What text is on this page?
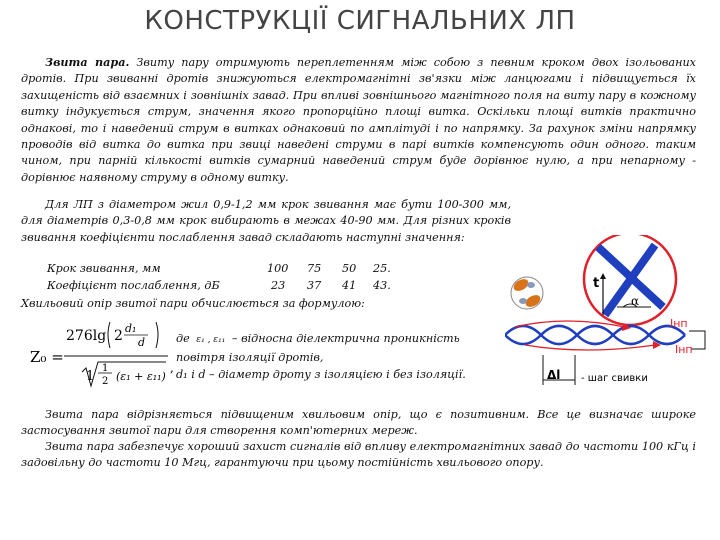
КОНСТРУКЦІЇ СИГНАЛЬНИХ ЛП

Звита пара. Звиту пару отримують переплетенням між собою з певним кроком двох ізольованих дротів. При звиванні дротів знижуються електромагнітні зв'язки між ланцюгами і підвищується їх захищеність від взаємних і зовнішніх завад. При впливі зовнішнього магнітного поля на виту пару в кожному витку індукується струм, значення якого пропорційно площі витка. Оскільки площі витків практично однакові, то і наведений струм в витках однаковий по амплітуді і по напрямку. За рахунок зміни напрямку проводів від витка до витка при звиці наведені струми в парі витків компенсують один одного. таким чином, при парній кількості витків сумарний наведений струм буде дорівнює нулю, а при непарному - дорівнює наявному струму в одному витку.

Для ЛП з діаметром жил 0,9-1,2 мм крок звивання має бути 100-300 мм, для діаметрів 0,3-0,8 мм крок вибирають в межах 40-90 мм. Для різних кроків звивання коефіцієнти послаблення завад складають наступні значення:

Крок звивання, мм	100 75 50 25.
Коефіцієнт послаблення, дБ	23 37 41 43.

Хвильовий опір звитої пари обчислюється за формулою:

Z₀ =
276lg 2 d₁
d
1
1
2 (ε₁ + ε₁₁)
,
де ε₁ , ε₁₁ – відносна діелектрична проникність
повітря ізоляції дротів,
d₁ і d – діаметр дроту з ізоляцією і без ізоляції.
t
α
Iнп
Iнп
Δl - шаг свивки

Звита пара відрізняється підвищеним хвильовим опір, що є позитивним. Все це визначає широке застосування звитої пари для створення комп'ютерних мереж.

Звита пара забезпечує хороший захист сигналів від впливу електромагнітних завад до частоти 100 кГц і задовільну до частоти 10 Мгц, гарантуючи при цьому постійність хвильового опору.
